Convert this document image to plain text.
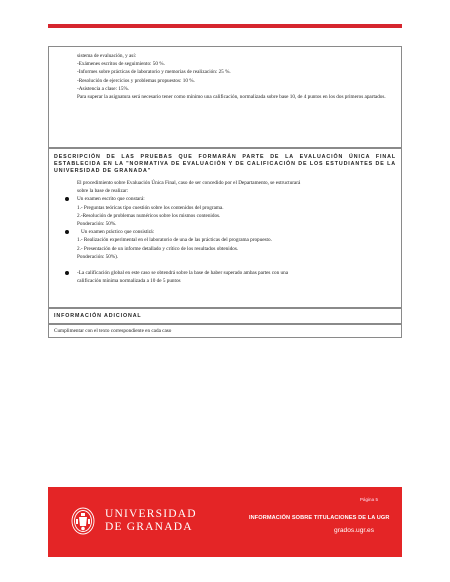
sistema de evaluación, y así:
-Exámenes escritos de seguimiento: 50 %.
-Informes sobre prácticas de laboratorio y memorias de realización: 25 %.
-Resolución de ejercicios y problemas propuestos: 10 %.
-Asistencia a clase: 15%.
Para superar la asignatura será necesario tener como mínimo una calificación, normalizada sobre base 10, de 4 puntos en los dos primeros apartados.
DESCRIPCIÓN DE LAS PRUEBAS QUE FORMARÁN PARTE DE LA EVALUACIÓN ÚNICA FINAL ESTABLECIDA EN LA "NORMATIVA DE EVALUACIÓN Y DE CALIFICACIÓN DE LOS ESTUDIANTES DE LA UNIVERSIDAD DE GRANADA"
El procedimiento sobre Evaluación Única Final, caso de ser concedido por el Departamento, se estructurará
sobre la base de realizar:
Un examen escrito que constará:
1.- Preguntas teóricas tipo cuestión sobre los contenidos del programa.
2.-Resolución de problemas numéricos sobre los mismos contenidos.
Ponderación: 50%.
Un examen práctico que consistirá:
1.- Realización experimental en el laboratorio de una de las prácticas del programa propuesto.
2.- Presentación de un informe detallado y crítico de los resultados obtenidos.
Ponderación: 50%).
-La calificación global en este caso se obtendrá sobre la base de haber superado ambas partes con una
calificación mínima normalizada a 10 de 5 puntos
INFORMACIÓN ADICIONAL
Cumplimentar con el texto correspondiente en cada caso
Página 5
UNIVERSIDAD
DE GRANADA
INFORMACIÓN SOBRE TITULACIONES DE LA UGR
grados.ugr.es
